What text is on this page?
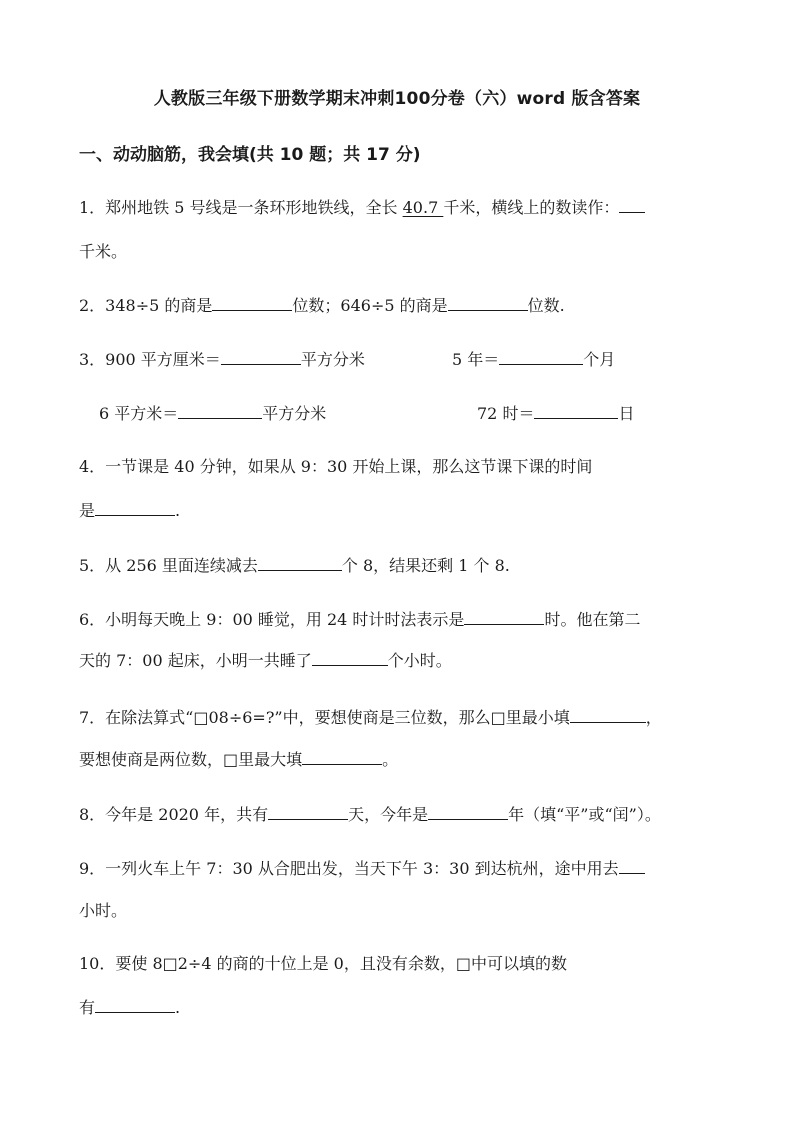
人教版三年级下册数学期末冲刺100分卷（六）word 版含答案
一、动动脑筋，我会填(共 10 题；共 17 分)
1．郑州地铁 5 号线是一条环形地铁线，全长 40.7 千米，横线上的数读作：
千米。
2．348÷5 的商是	位数；646÷5 的商是	位数.
3．900 平方厘米＝	平方分米	5 年＝	个月
6 平方米＝	平方分米	72 时＝	日
4．一节课是 40 分钟，如果从 9：30 开始上课，那么这节课下课的时间
是	.
5．从 256 里面连续减去	个 8，结果还剩 1 个 8.
6．小明每天晚上 9：00 睡觉，用 24 时计时法表示是	时。他在第二
天的 7：00 起床，小明一共睡了	个小时。
7．在除法算式“□08÷6=?”中，要想使商是三位数，那么□里最小填	，
要想使商是两位数，□里最大填	。
8．今年是 2020 年，共有	天，今年是	年（填“平”或“闰”）。
9．一列火车上午 7：30 从合肥出发，当天下午 3：30 到达杭州，途中用去
小时。
10．要使 8□2÷4 的商的十位上是 0，且没有余数，□中可以填的数
有	.
